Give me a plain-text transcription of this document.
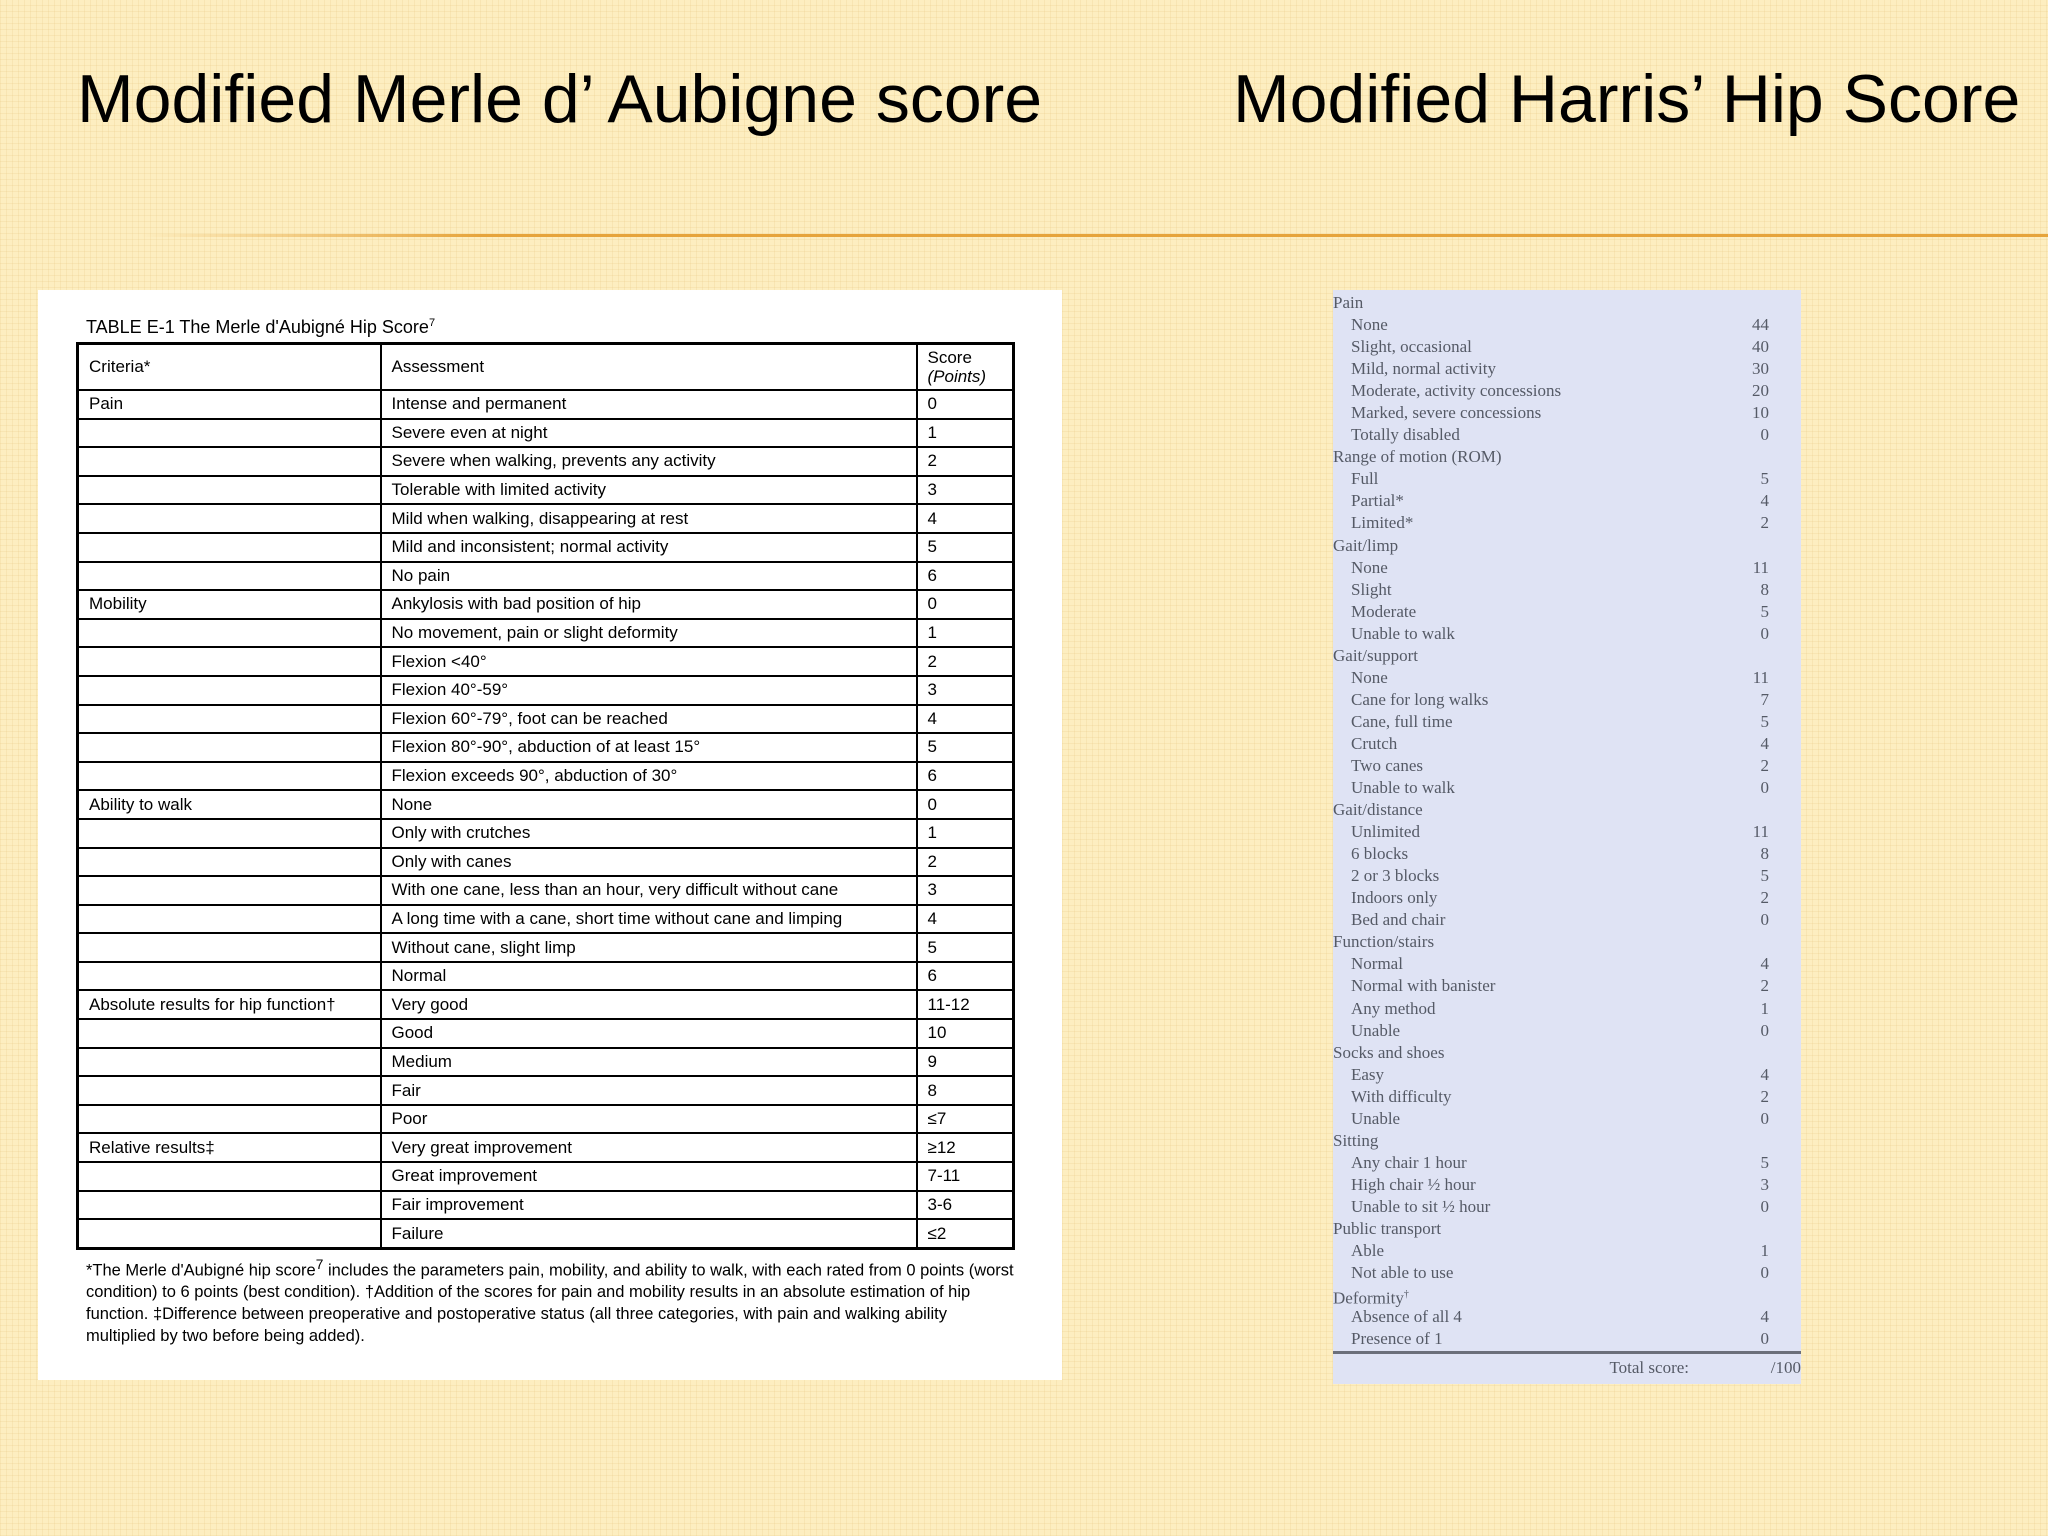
Modified Merle d’ Aubigne score	Modified Harris’ Hip Score
TABLE E-1 The Merle d'Aubigné Hip Score$^7$
Criteria*	Assessment	Score
(Points)
Pain	Intense and permanent	0
	Severe even at night	1
	Severe when walking, prevents any activity	2
	Tolerable with limited activity	3
	Mild when walking, disappearing at rest	4
	Mild and inconsistent; normal activity	5
	No pain	6
Mobility	Ankylosis with bad position of hip	0
	No movement, pain or slight deformity	1
	Flexion <40°	2
	Flexion 40°-59°	3
	Flexion 60°-79°, foot can be reached	4
	Flexion 80°-90°, abduction of at least 15°	5
	Flexion exceeds 90°, abduction of 30°	6
Ability to walk	None	0
	Only with crutches	1
	Only with canes	2
	With one cane, less than an hour, very difficult without cane	3
	A long time with a cane, short time without cane and limping	4
	Without cane, slight limp	5
	Normal	6
Absolute results for hip function†	Very good	11-12
	Good	10
	Medium	9
	Fair	8
	Poor	≤7
Relative results‡	Very great improvement	≥12
	Great improvement	7-11
	Fair improvement	3-6
	Failure	≤2
*The Merle d'Aubigné hip score$^7$ includes the parameters pain, mobility, and ability to walk, with each rated from 0 points (worst condition) to 6 points (best condition). †Addition of the scores for pain and mobility results in an absolute estimation of hip function. ‡Difference between preoperative and postoperative status (all three categories, with pain and walking ability multiplied by two before being added).
Pain
None	44
Slight, occasional	40
Mild, normal activity	30
Moderate, activity concessions	20
Marked, severe concessions	10
Totally disabled	0
Range of motion (ROM)
Full	5
Partial*	4
Limited*	2
Gait/limp
None	11
Slight	8
Moderate	5
Unable to walk	0
Gait/support
None	11
Cane for long walks	7
Cane, full time	5
Crutch	4
Two canes	2
Unable to walk	0
Gait/distance
Unlimited	11
6 blocks	8
2 or 3 blocks	5
Indoors only	2
Bed and chair	0
Function/stairs
Normal	4
Normal with banister	2
Any method	1
Unable	0
Socks and shoes
Easy	4
With difficulty	2
Unable	0
Sitting
Any chair 1 hour	5
High chair ½ hour	3
Unable to sit ½ hour	0
Public transport
Able	1
Not able to use	0
Deformity†
Absence of all 4	4
Presence of 1	0
Total score:	/100
